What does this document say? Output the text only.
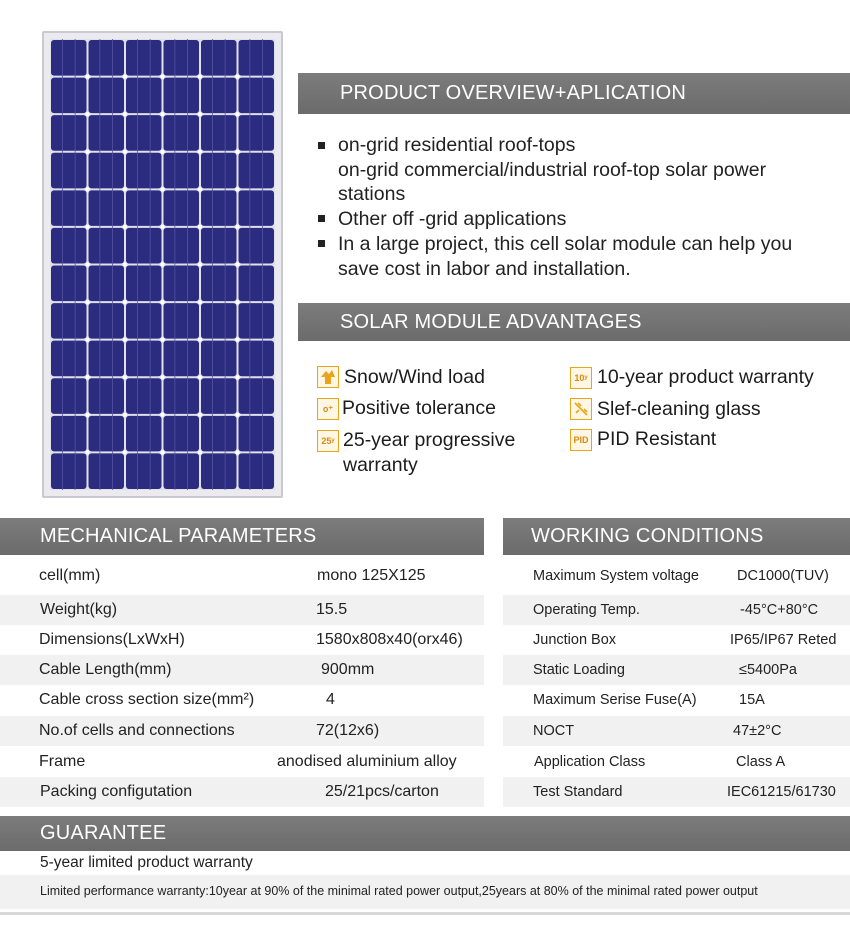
PRODUCT OVERVIEW+APLICATION
on-grid residential roof-tops
on-grid commercial/industrial roof-top solar power
stations
Other off -grid applications
In a large project, this cell solar module can help you
save cost in labor and installation.
SOLAR MODULE ADVANTAGES
Snow/Wind load
o⁺ Positive tolerance
25ʸ 25-year progressive
warranty
10ʸ 10-year product warranty
Slef-cleaning glass
PID PID Resistant
MECHANICAL PARAMETERS
cell(mm)	mono 125X125
Weight(kg)	15.5
Dimensions(LxWxH)	1580x808x40(orx46)
Cable Length(mm)	900mm
Cable cross section size(mm²)	4
No.of cells and connections	72(12x6)
Frame	anodised aluminium alloy
Packing configutation	25/21pcs/carton
WORKING CONDITIONS
Maximum System voltage	DC1000(TUV)
Operating Temp.	-45°C+80°C
Junction Box	IP65/IP67 Reted
Static Loading	≤5400Pa
Maximum Serise Fuse(A)	15A
NOCT	47±2°C
Application Class	Class A
Test Standard	IEC61215/61730
GUARANTEE
5-year limited product warranty
Limited performance warranty:10year at 90% of the minimal rated power output,25years at 80% of the minimal rated power output
